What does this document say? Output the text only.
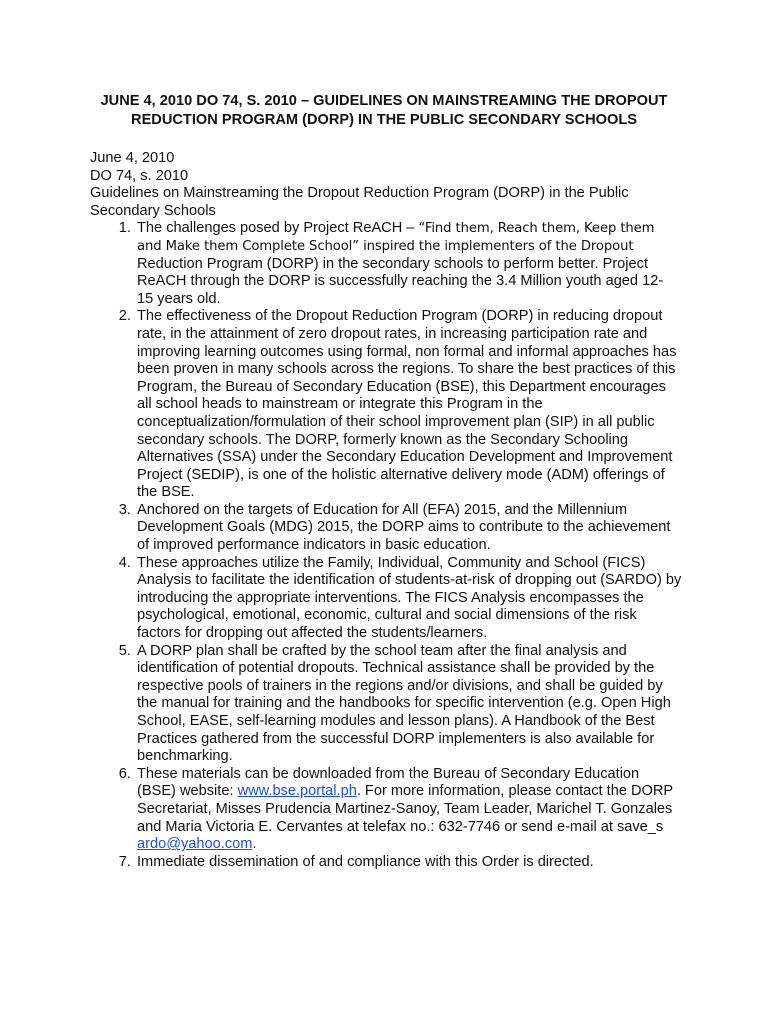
JUNE 4, 2010 DO 74, S. 2010 – GUIDELINES ON MAINSTREAMING THE DROPOUT
REDUCTION PROGRAM (DORP) IN THE PUBLIC SECONDARY SCHOOLS
June 4, 2010
DO 74, s. 2010
Guidelines on Mainstreaming the Dropout Reduction Program (DORP) in the Public Secondary Schools
1. The challenges posed by Project ReACH – “Find them, Reach them, Keep them and Make them Complete School” inspired the implementers of the Dropout Reduction Program (DORP) in the secondary schools to perform better. Project ReACH through the DORP is successfully reaching the 3.4 Million youth aged 12- 15 years old.
2. The effectiveness of the Dropout Reduction Program (DORP) in reducing dropout rate, in the attainment of zero dropout rates, in increasing participation rate and improving learning outcomes using formal, non formal and informal approaches has been proven in many schools across the regions. To share the best practices of this Program, the Bureau of Secondary Education (BSE), this Department encourages all school heads to mainstream or integrate this Program in the conceptualization/formulation of their school improvement plan (SIP) in all public secondary schools. The DORP, formerly known as the Secondary Schooling Alternatives (SSA) under the Secondary Education Development and Improvement Project (SEDIP), is one of the holistic alternative delivery mode (ADM) offerings of the BSE.
3. Anchored on the targets of Education for All (EFA) 2015, and the Millennium Development Goals (MDG) 2015, the DORP aims to contribute to the achievement of improved performance indicators in basic education.
4. These approaches utilize the Family, Individual, Community and School (FICS) Analysis to facilitate the identification of students-at-risk of dropping out (SARDO) by introducing the appropriate interventions. The FICS Analysis encompasses the psychological, emotional, economic, cultural and social dimensions of the risk factors for dropping out affected the students/learners.
5. A DORP plan shall be crafted by the school team after the final analysis and identification of potential dropouts. Technical assistance shall be provided by the respective pools of trainers in the regions and/or divisions, and shall be guided by the manual for training and the handbooks for specific intervention (e.g. Open High School, EASE, self-learning modules and lesson plans). A Handbook of the Best Practices gathered from the successful DORP implementers is also available for benchmarking.
6. These materials can be downloaded from the Bureau of Secondary Education (BSE) website: www.bse.portal.ph. For more information, please contact the DORP Secretariat, Misses Prudencia Martinez-Sanoy, Team Leader, Marichel T. Gonzales and Maria Victoria E. Cervantes at telefax no.: 632-7746 or send e-mail at save_s ardo@yahoo.com.
7. Immediate dissemination of and compliance with this Order is directed.
